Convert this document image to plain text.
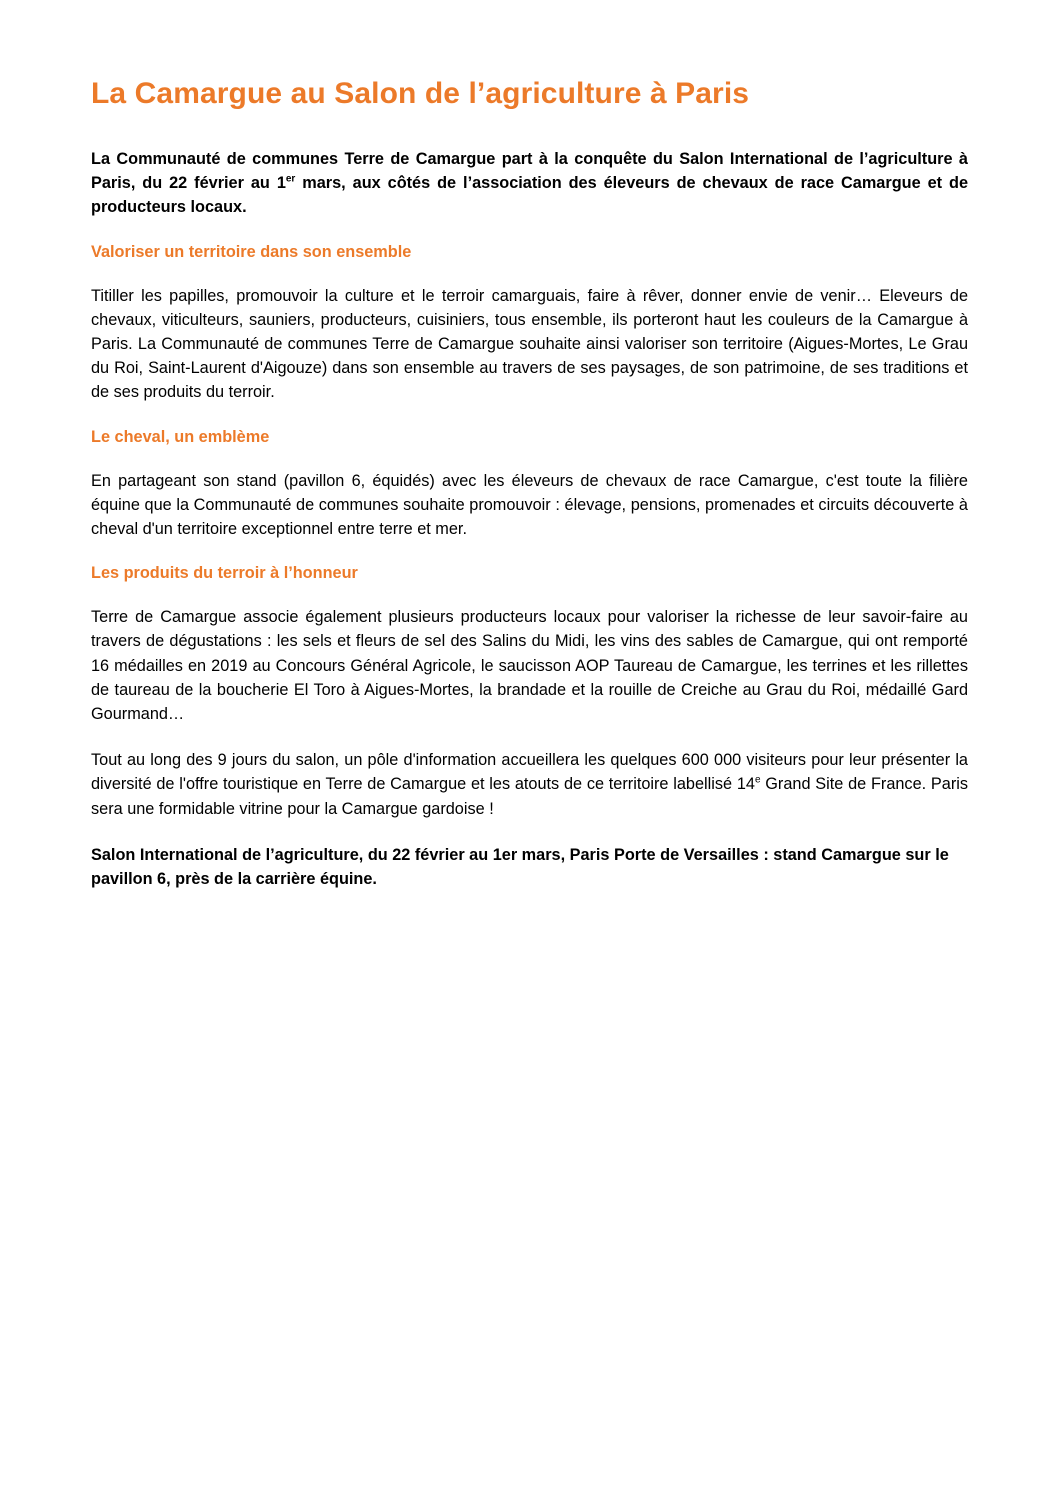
La Camargue au Salon de l’agriculture à Paris

La Communauté de communes Terre de Camargue part à la conquête du Salon International de l’agriculture à Paris, du 22 février au 1er mars, aux côtés de l’association des éleveurs de chevaux de race Camargue et de producteurs locaux.

Valoriser un territoire dans son ensemble

Titiller les papilles, promouvoir la culture et le terroir camarguais, faire à rêver, donner envie de venir… Eleveurs de chevaux, viticulteurs, sauniers, producteurs, cuisiniers, tous ensemble, ils porteront haut les couleurs de la Camargue à Paris. La Communauté de communes Terre de Camargue souhaite ainsi valoriser son territoire (Aigues-Mortes, Le Grau du Roi, Saint-Laurent d'Aigouze) dans son ensemble au travers de ses paysages, de son patrimoine, de ses traditions et de ses produits du terroir.

Le cheval, un emblème

En partageant son stand (pavillon 6, équidés) avec les éleveurs de chevaux de race Camargue, c'est toute la filière équine que la Communauté de communes souhaite promouvoir : élevage, pensions, promenades et circuits découverte à cheval d'un territoire exceptionnel entre terre et mer.

Les produits du terroir à l’honneur

Terre de Camargue associe également plusieurs producteurs locaux pour valoriser la richesse de leur savoir-faire au travers de dégustations : les sels et fleurs de sel des Salins du Midi, les vins des sables de Camargue, qui ont remporté 16 médailles en 2019 au Concours Général Agricole, le saucisson AOP Taureau de Camargue, les terrines et les rillettes de taureau de la boucherie El Toro à Aigues-Mortes, la brandade et la rouille de Creiche au Grau du Roi, médaillé Gard Gourmand…

Tout au long des 9 jours du salon, un pôle d'information accueillera les quelques 600 000 visiteurs pour leur présenter la diversité de l'offre touristique en Terre de Camargue et les atouts de ce territoire labellisé 14e Grand Site de France. Paris sera une formidable vitrine pour la Camargue gardoise !

Salon International de l’agriculture, du 22 février au 1er mars, Paris Porte de Versailles : stand Camargue sur le pavillon 6, près de la carrière équine.
